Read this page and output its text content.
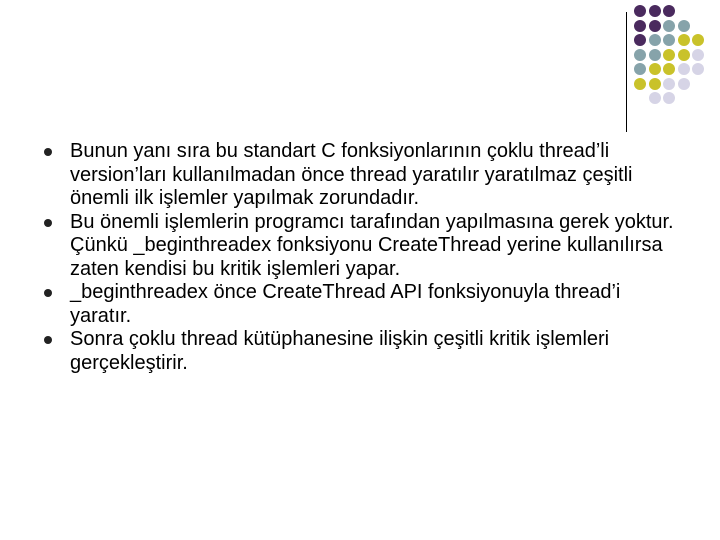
Bunun yanı sıra bu standart C fonksiyonlarının çoklu thread’li version’ları kullanılmadan önce thread yaratılır yaratılmaz çeşitli önemli ilk işlemler yapılmak zorundadır.
Bu önemli işlemlerin programcı tarafından yapılmasına gerek yoktur. Çünkü _beginthreadex fonksiyonu CreateThread yerine kullanılırsa zaten kendisi bu kritik işlemleri yapar.
_beginthreadex önce CreateThread API fonksiyonuyla thread’i yaratır.
Sonra çoklu thread kütüphanesine ilişkin çeşitli kritik işlemleri gerçekleştirir.
